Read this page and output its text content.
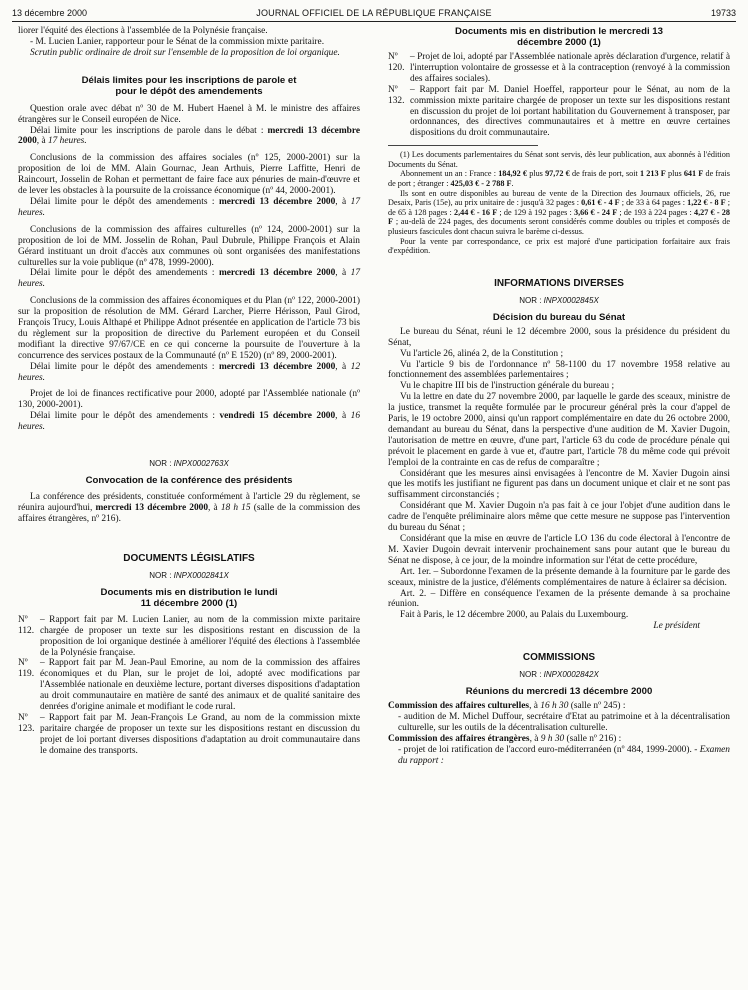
13 décembre 2000	JOURNAL OFFICIEL DE LA RÉPUBLIQUE FRANÇAISE	19733

liorer l'équité des élections à l'assemblée de la Polynésie française.

- M. Lucien Lanier, rapporteur pour le Sénat de la commission mixte paritaire.

Scrutin public ordinaire de droit sur l'ensemble de la proposition de loi organique.

Délais limites pour les inscriptions de parole et pour le dépôt des amendements

Question orale avec débat nº 30 de M. Hubert Haenel à M. le ministre des affaires étrangères sur le Conseil européen de Nice.

Délai limite pour les inscriptions de parole dans le débat : mercredi 13 décembre 2000, à 17 heures.

Conclusions de la commission des affaires sociales (nº 125, 2000-2001) sur la proposition de loi de MM. Alain Gournac, Jean Arthuis, Pierre Laffitte, Henri de Raincourt, Josselin de Rohan et permettant de faire face aux pénuries de main-d'œuvre et de lever les obstacles à la poursuite de la croissance économique (nº 44, 2000-2001).

Délai limite pour le dépôt des amendements : mercredi 13 décembre 2000, à 17 heures.

Conclusions de la commission des affaires culturelles (nº 124, 2000-2001) sur la proposition de loi de MM. Josselin de Rohan, Paul Dubrule, Philippe François et Alain Gérard instituant un droit d'accès aux communes où sont organisées des manifestations culturelles sur la voie publique (nº 478, 1999-2000).

Délai limite pour le dépôt des amendements : mercredi 13 décembre 2000, à 17 heures.

Conclusions de la commission des affaires économiques et du Plan (nº 122, 2000-2001) sur la proposition de résolution de MM. Gérard Larcher, Pierre Hérisson, Paul Girod, François Trucy, Louis Althapé et Philippe Adnot présentée en application de l'article 73 bis du règlement sur la proposition de directive du Parlement européen et du Conseil modifiant la directive 97/67/CE en ce qui concerne la poursuite de l'ouverture à la concurrence des services postaux de la Communauté (nº E 1520) (nº 89, 2000-2001).

Délai limite pour le dépôt des amendements : mercredi 13 décembre 2000, à 12 heures.

Projet de loi de finances rectificative pour 2000, adopté par l'Assemblée nationale (nº 130, 2000-2001).

Délai limite pour le dépôt des amendements : vendredi 15 décembre 2000, à 16 heures.

NOR : INPX0002763X
Convocation de la conférence des présidents

La conférence des présidents, constituée conformément à l'article 29 du règlement, se réunira aujourd'hui, mercredi 13 décembre 2000, à 18 h 15 (salle de la commission des affaires étrangères, nº 216).

DOCUMENTS LÉGISLATIFS
NOR : INPX0002841X
Documents mis en distribution le lundi 11 décembre 2000 (1)
Nº 112.
– Rapport fait par M. Lucien Lanier, au nom de la commission mixte paritaire chargée de proposer un texte sur les dispositions restant en discussion de la proposition de loi organique destinée à améliorer l'équité des élections à l'assemblée de la Polynésie française.
Nº 119.
– Rapport fait par M. Jean-Paul Emorine, au nom de la commission des affaires économiques et du Plan, sur le projet de loi, adopté avec modifications par l'Assemblée nationale en deuxième lecture, portant diverses dispositions d'adaptation au droit communautaire en matière de santé des animaux et de qualité sanitaire des denrées d'origine animale et modifiant le code rural.
Nº 123.
– Rapport fait par M. Jean-François Le Grand, au nom de la commission mixte paritaire chargée de proposer un texte sur les dispositions restant en discussion du projet de loi portant diverses dispositions d'adaptation au droit communautaire dans le domaine des transports.
Documents mis en distribution le mercredi 13 décembre 2000 (1)
Nº 120.
– Projet de loi, adopté par l'Assemblée nationale après déclaration d'urgence, relatif à l'interruption volontaire de grossesse et à la contraception (renvoyé à la commission des affaires sociales).
Nº 132.
– Rapport fait par M. Daniel Hoeffel, rapporteur pour le Sénat, au nom de la commission mixte paritaire chargée de proposer un texte sur les dispositions restant en discussion du projet de loi portant habilitation du Gouvernement à transposer, par ordonnances, des directives communautaires et à mettre en œuvre certaines dispositions du droit communautaire.

(1) Les documents parlementaires du Sénat sont servis, dès leur publication, aux abonnés à l'édition Documents du Sénat.

Abonnement un an : France : 184,92 € plus 97,72 € de frais de port, soit 1 213 F plus 641 F de frais de port ; étranger : 425,03 € - 2 788 F.

Ils sont en outre disponibles au bureau de vente de la Direction des Journaux officiels, 26, rue Desaix, Paris (15e), au prix unitaire de : jusqu'à 32 pages : 0,61 € - 4 F ; de 33 à 64 pages : 1,22 € - 8 F ; de 65 à 128 pages : 2,44 € - 16 F ; de 129 à 192 pages : 3,66 € - 24 F ; de 193 à 224 pages : 4,27 € - 28 F ; au-delà de 224 pages, des documents seront considérés comme doubles ou triples et composés de plusieurs fascicules dont chacun suivra le barème ci-dessus.

Pour la vente par correspondance, ce prix est majoré d'une participation forfaitaire aux frais d'expédition.

INFORMATIONS DIVERSES
NOR : INPX0002845X
Décision du bureau du Sénat

Le bureau du Sénat, réuni le 12 décembre 2000, sous la présidence du président du Sénat,

Vu l'article 26, alinéa 2, de la Constitution ;

Vu l'article 9 bis de l'ordonnance nº 58-1100 du 17 novembre 1958 relative au fonctionnement des assemblées parlementaires ;

Vu le chapitre III bis de l'instruction générale du bureau ;

Vu la lettre en date du 27 novembre 2000, par laquelle le garde des sceaux, ministre de la justice, transmet la requête formulée par le procureur général près la cour d'appel de Paris, le 19 octobre 2000, ainsi qu'un rapport complémentaire en date du 26 octobre 2000, demandant au bureau du Sénat, dans la perspective d'une audition de M. Xavier Dugoin, l'autorisation de mettre en œuvre, d'une part, l'article 63 du code de procédure pénale qui prévoit le placement en garde à vue et, d'autre part, l'article 78 du même code qui prévoit l'emploi de la contrainte en cas de refus de comparaître ;

Considérant que les mesures ainsi envisagées à l'encontre de M. Xavier Dugoin ainsi que les motifs les justifiant ne figurent pas dans un document unique et clair et ne sont pas suffisamment circonstanciés ;

Considérant que M. Xavier Dugoin n'a pas fait à ce jour l'objet d'une audition dans le cadre de l'enquête préliminaire alors même que cette mesure ne suppose pas l'intervention du bureau du Sénat ;

Considérant que la mise en œuvre de l'article LO 136 du code électoral à l'encontre de M. Xavier Dugoin devrait intervenir prochainement sans pour autant que le bureau du Sénat ne dispose, à ce jour, de la moindre information sur l'état de cette procédure,

Art. 1er. – Subordonne l'examen de la présente demande à la fourniture par le garde des sceaux, ministre de la justice, d'éléments complémentaires de nature à éclairer sa décision.

Art. 2. – Diffère en conséquence l'examen de la présente demande à sa prochaine réunion.

Fait à Paris, le 12 décembre 2000, au Palais du Luxembourg.

Le président

COMMISSIONS
NOR : INPX0002842X
Réunions du mercredi 13 décembre 2000

Commission des affaires culturelles, à 16 h 30 (salle nº 245) :

- audition de M. Michel Duffour, secrétaire d'Etat au patrimoine et à la décentralisation culturelle, sur les outils de la décentralisation culturelle.

Commission des affaires étrangères, à 9 h 30 (salle nº 216) :

- projet de loi ratification de l'accord euro-méditerranéen (nº 484, 1999-2000). - Examen du rapport :
